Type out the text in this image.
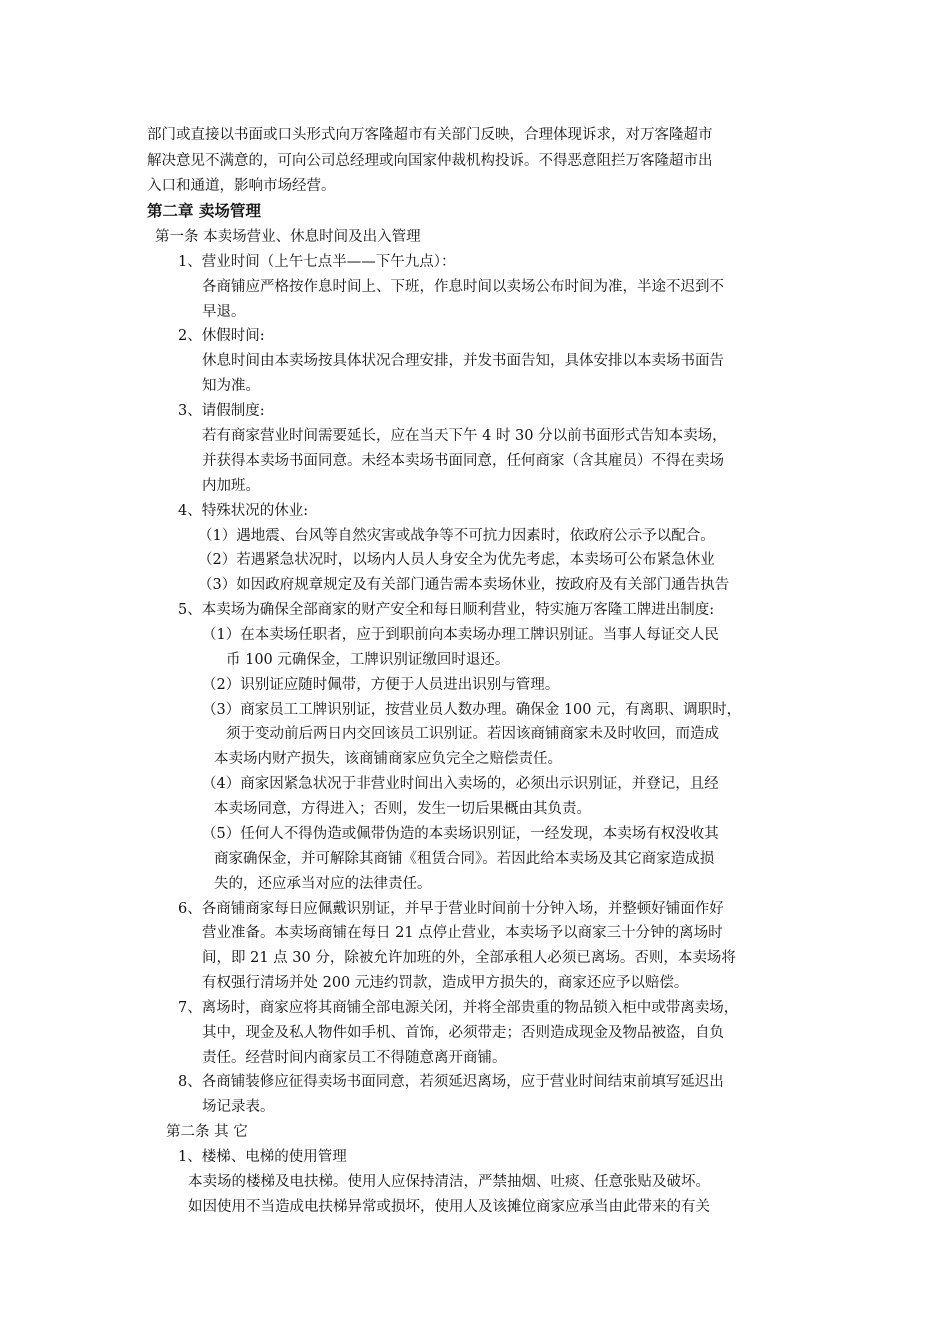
部门或直接以书面或口头形式向万客隆超市有关部门反映，合理体现诉求，对万客隆超市
解决意见不满意的，可向公司总经理或向国家仲裁机构投诉。不得恶意阻拦万客隆超市出
入口和通道，影响市场经营。
第二章 卖场管理
第一条 本卖场营业、休息时间及出入管理
1、营业时间（上午七点半——下午九点）：
各商铺应严格按作息时间上、下班，作息时间以卖场公布时间为准，半途不迟到不
早退。
2、休假时间:
休息时间由本卖场按具体状况合理安排，并发书面告知，具体安排以本卖场书面告
知为准。
3、请假制度:
若有商家营业时间需要延长，应在当天下午 4 时 30 分以前书面形式告知本卖场，
并获得本卖场书面同意。未经本卖场书面同意，任何商家（含其雇员）不得在卖场
内加班。
4、特殊状况的休业:
（1）遇地震、台风等自然灾害或战争等不可抗力因素时，依政府公示予以配合。
（2）若遇紧急状况时，以场内人员人身安全为优先考虑，本卖场可公布紧急休业
（3）如因政府规章规定及有关部门通告需本卖场休业，按政府及有关部门通告执告
5、本卖场为确保全部商家的财产安全和每日顺利营业，特实施万客隆工牌进出制度:
（1）在本卖场任职者，应于到职前向本卖场办理工牌识别证。当事人每证交人民
币 100 元确保金，工牌识别证缴回时退还。
（2）识别证应随时佩带，方便于人员进出识别与管理。
（3）商家员工工牌识别证，按营业员人数办理。确保金 100 元，有离职、调职时，
须于变动前后两日内交回该员工识别证。若因该商铺商家未及时收回，而造成
本卖场内财产损失，该商铺商家应负完全之赔偿责任。
（4）商家因紧急状况于非营业时间出入卖场的，必须出示识别证，并登记，且经
本卖场同意，方得进入；否则，发生一切后果概由其负责。
（5）任何人不得伪造或佩带伪造的本卖场识别证，一经发现，本卖场有权没收其
商家确保金，并可解除其商铺《租赁合同》。若因此给本卖场及其它商家造成损
失的，还应承当对应的法律责任。
6、各商铺商家每日应佩戴识别证，并早于营业时间前十分钟入场，并整顿好铺面作好
营业准备。本卖场商铺在每日 21 点停止营业，本卖场予以商家三十分钟的离场时
间，即 21 点 30 分，除被允许加班的外，全部承租人必须已离场。否则，本卖场将
有权强行清场并处 200 元违约罚款，造成甲方损失的，商家还应予以赔偿。
7、离场时，商家应将其商铺全部电源关闭，并将全部贵重的物品锁入柜中或带离卖场，
其中，现金及私人物件如手机、首饰，必须带走；否则造成现金及物品被盗，自负
责任。经营时间内商家员工不得随意离开商铺。
8、各商铺装修应征得卖场书面同意，若须延迟离场，应于营业时间结束前填写延迟出
场记录表。
第二条 其 它
1、楼梯、电梯的使用管理
本卖场的楼梯及电扶梯。使用人应保持清洁，严禁抽烟、吐痰、任意张贴及破坏。
如因使用不当造成电扶梯异常或损坏，使用人及该摊位商家应承当由此带来的有关
